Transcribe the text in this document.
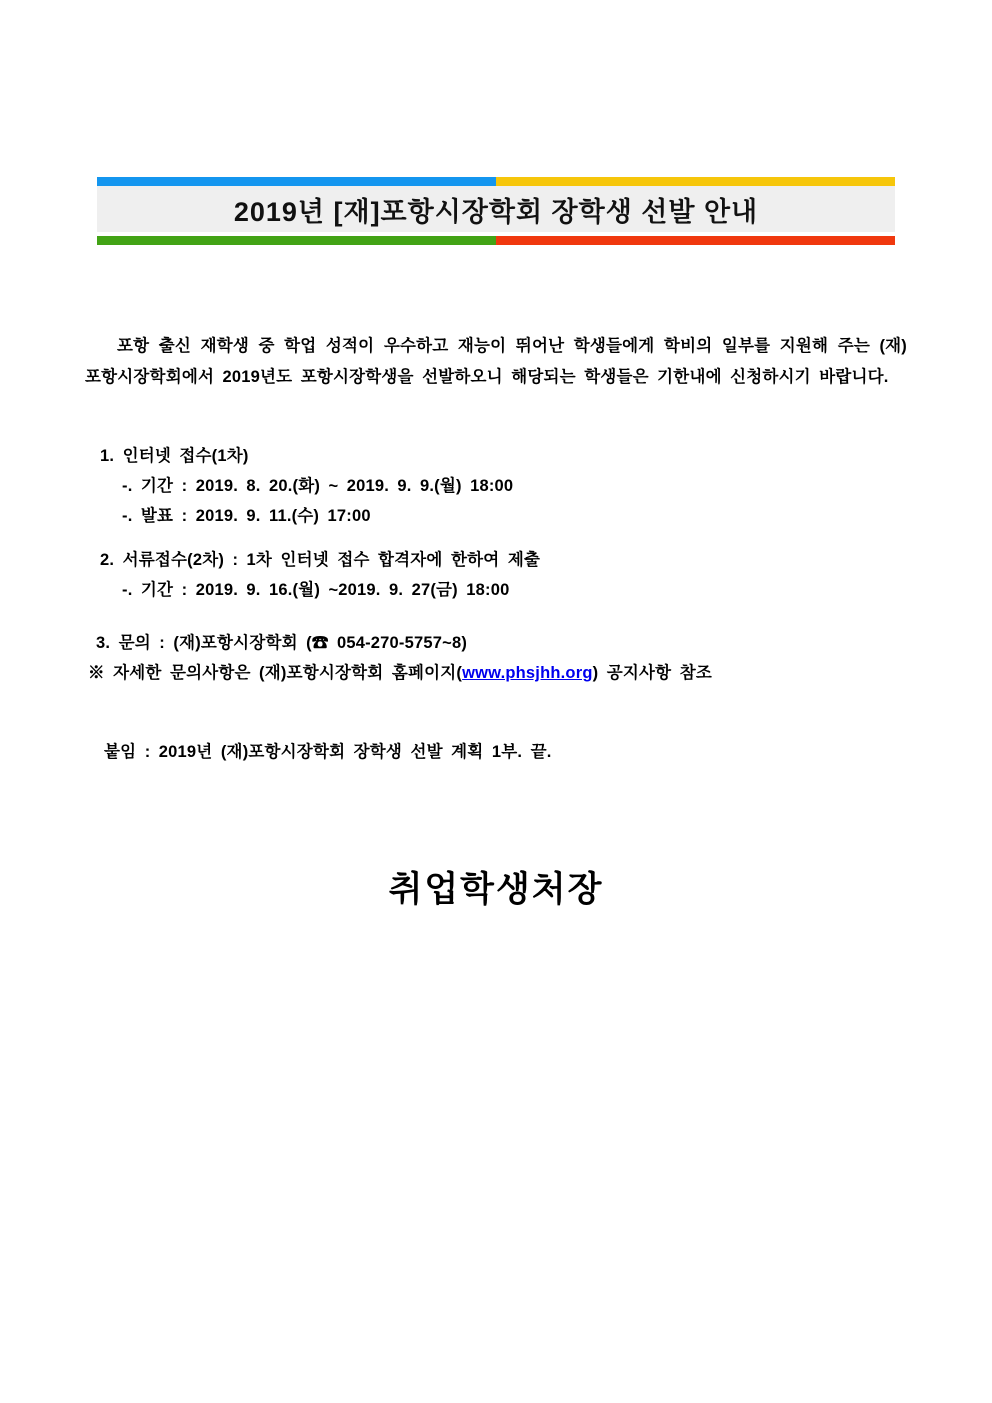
2019년 [재]포항시장학회 장학생 선발 안내

포항 출신 재학생 중 학업 성적이 우수하고 재능이 뛰어난 학생들에게 학비의 일부를 지원해 주는 (재)포항시장학회에서 2019년도 포항시장학생을 선발하오니 해당되는 학생들은 기한내에 신청하시기 바랍니다.

1. 인터넷 접수(1차)
-. 기간 : 2019. 8. 20.(화) ~ 2019. 9. 9.(월) 18:00
-. 발표 : 2019. 9. 11.(수) 17:00
2. 서류접수(2차) : 1차 인터넷 접수 합격자에 한하여 제출
-. 기간 : 2019. 9. 16.(월) ~2019. 9. 27(금) 18:00
3. 문의 : (재)포항시장학회 (☎ 054-270-5757~8)
※ 자세한 문의사항은 (재)포항시장학회 홈페이지(www.phsjhh.org) 공지사항 참조
붙임 : 2019년 (재)포항시장학회 장학생 선발 계획 1부. 끝.
취업학생처장
